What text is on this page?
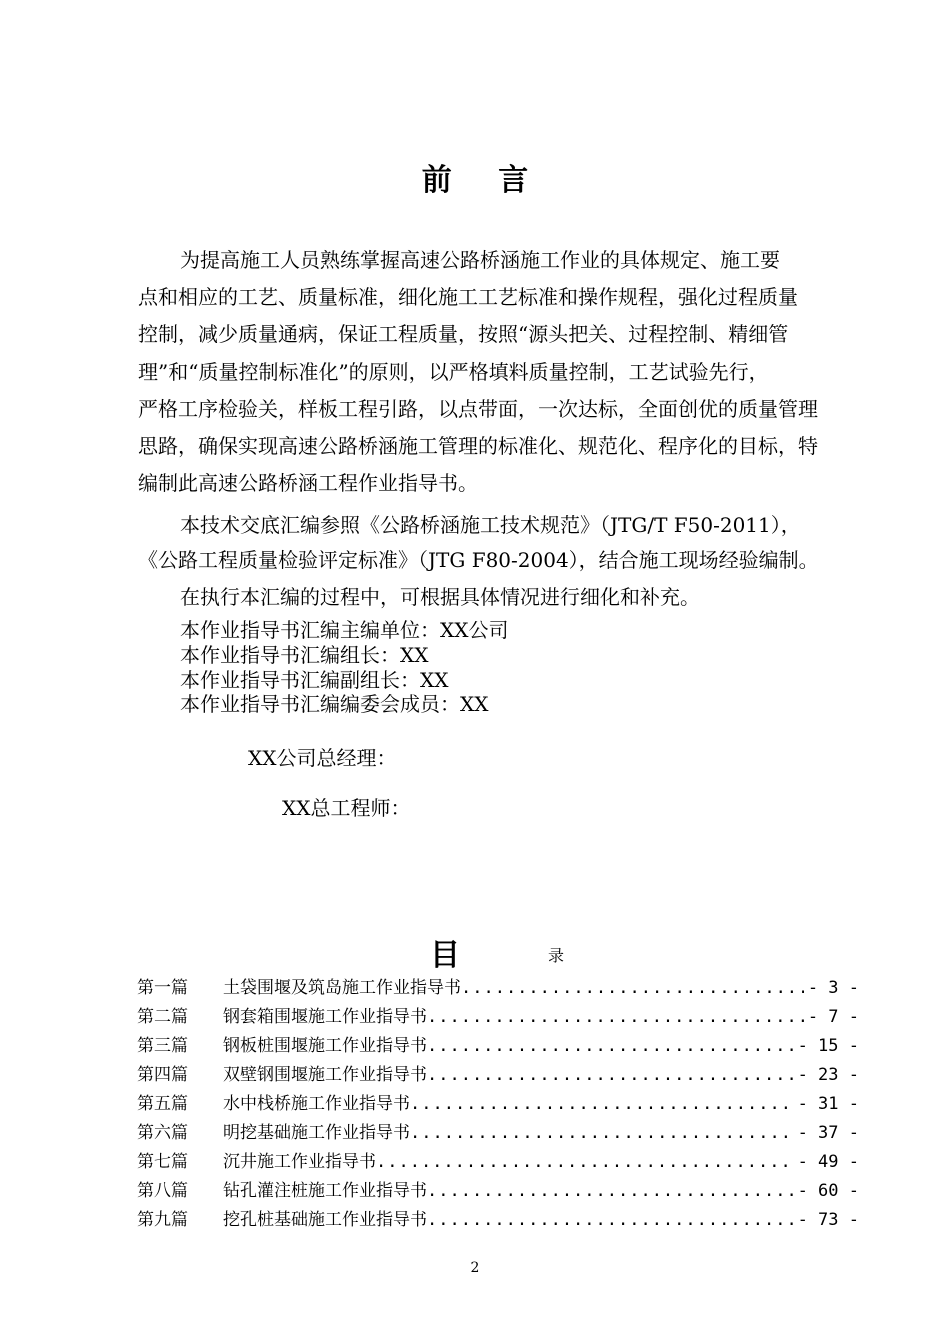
前 言
为提高施工人员熟练掌握高速公路桥涵施工作业的具体规定、施工要
点和相应的工艺、质量标准，细化施工工艺标准和操作规程，强化过程质量
控制，减少质量通病，保证工程质量，按照“源头把关、过程控制、精细管
理”和“质量控制标准化”的原则，以严格填料质量控制，工艺试验先行，
严格工序检验关，样板工程引路，以点带面，一次达标，全面创优的质量管理
思路，确保实现高速公路桥涵施工管理的标准化、规范化、程序化的目标，特
编制此高速公路桥涵工程作业指导书。
本技术交底汇编参照《公路桥涵施工技术规范》（JTG/T F50-2011），
《公路工程质量检验评定标准》（JTG F80-2004），结合施工现场经验编制。
在执行本汇编的过程中，可根据具体情况进行细化和补充。
本作业指导书汇编主编单位：XX公司
本作业指导书汇编组长：XX
本作业指导书汇编副组长：XX
本作业指导书汇编编委会成员：XX
XX公司总经理：
XX总工程师：
目	录
第一篇	土袋围堰及筑岛施工作业指导书 .....	- 3 -
第二篇	钢套箱围堰施工作业指导书 .....	- 7 -
第三篇	钢板桩围堰施工作业指导书 .....	- 15 -
第四篇	双壁钢围堰施工作业指导书 .....	- 23 -
第五篇	水中栈桥施工作业指导书 .....	- 31 -
第六篇	明挖基础施工作业指导书 .....	- 37 -
第七篇	沉井施工作业指导书 .....	- 49 -
第八篇	钻孔灌注桩施工作业指导书 .....	- 60 -
第九篇	挖孔桩基础施工作业指导书 .....	- 73 -
2
